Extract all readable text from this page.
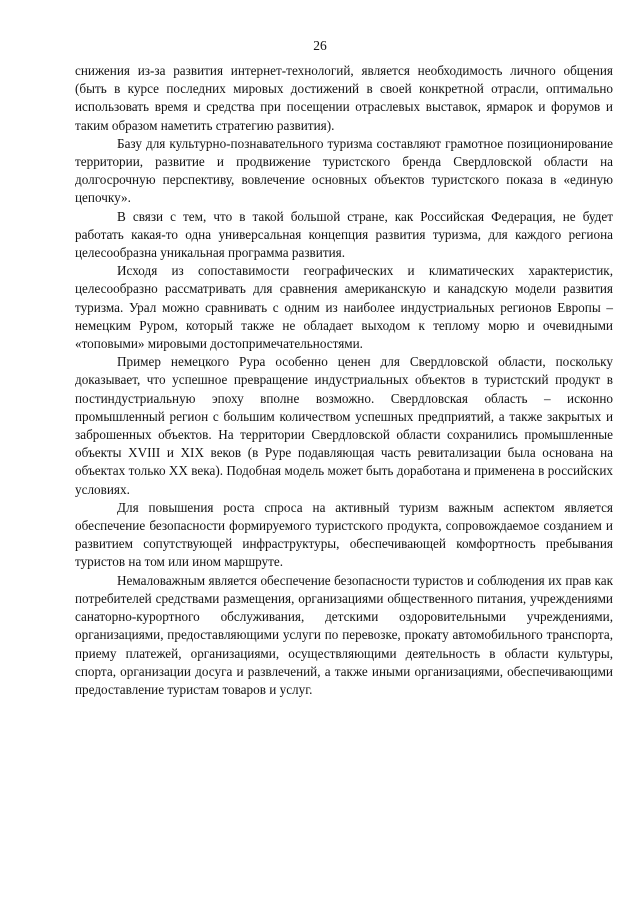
26

снижения из-за развития интернет-технологий, является необходимость личного общения (быть в курсе последних мировых достижений в своей конкретной отрасли, оптимально использовать время и средства при посещении отраслевых выставок, ярмарок и форумов и таким образом наметить стратегию развития).

Базу для культурно-познавательного туризма составляют грамотное позиционирование территории, развитие и продвижение туристского бренда Свердловской области на долгосрочную перспективу, вовлечение основных объектов туристского показа в «единую цепочку».

В связи с тем, что в такой большой стране, как Российская Федерация, не будет работать какая-то одна универсальная концепция развития туризма, для каждого региона целесообразна уникальная программа развития.

Исходя из сопоставимости географических и климатических характеристик, целесообразно рассматривать для сравнения американскую и канадскую модели развития туризма. Урал можно сравнивать с одним из наиболее индустриальных регионов Европы – немецким Руром, который также не обладает выходом к теплому морю и очевидными «топовыми» мировыми достопримечательностями.

Пример немецкого Рура особенно ценен для Свердловской области, поскольку доказывает, что успешное превращение индустриальных объектов в туристский продукт в постиндустриальную эпоху вполне возможно. Свердловская область – исконно промышленный регион с большим количеством успешных предприятий, а также закрытых и заброшенных объектов. На территории Свердловской области сохранились промышленные объекты XVIII и XIX веков (в Руре подавляющая часть ревитализации была основана на объектах только XX века). Подобная модель может быть доработана и применена в российских условиях.

Для повышения роста спроса на активный туризм важным аспектом является обеспечение безопасности формируемого туристского продукта, сопровождаемое созданием и развитием сопутствующей инфраструктуры, обеспечивающей комфортность пребывания туристов на том или ином маршруте.

Немаловажным является обеспечение безопасности туристов и соблюдения их прав как потребителей средствами размещения, организациями общественного питания, учреждениями санаторно-курортного обслуживания, детскими оздоровительными учреждениями, организациями, предоставляющими услуги по перевозке, прокату автомобильного транспорта, приему платежей, организациями, осуществляющими деятельность в области культуры, спорта, организации досуга и развлечений, а также иными организациями, обеспечивающими предоставление туристам товаров и услуг.
